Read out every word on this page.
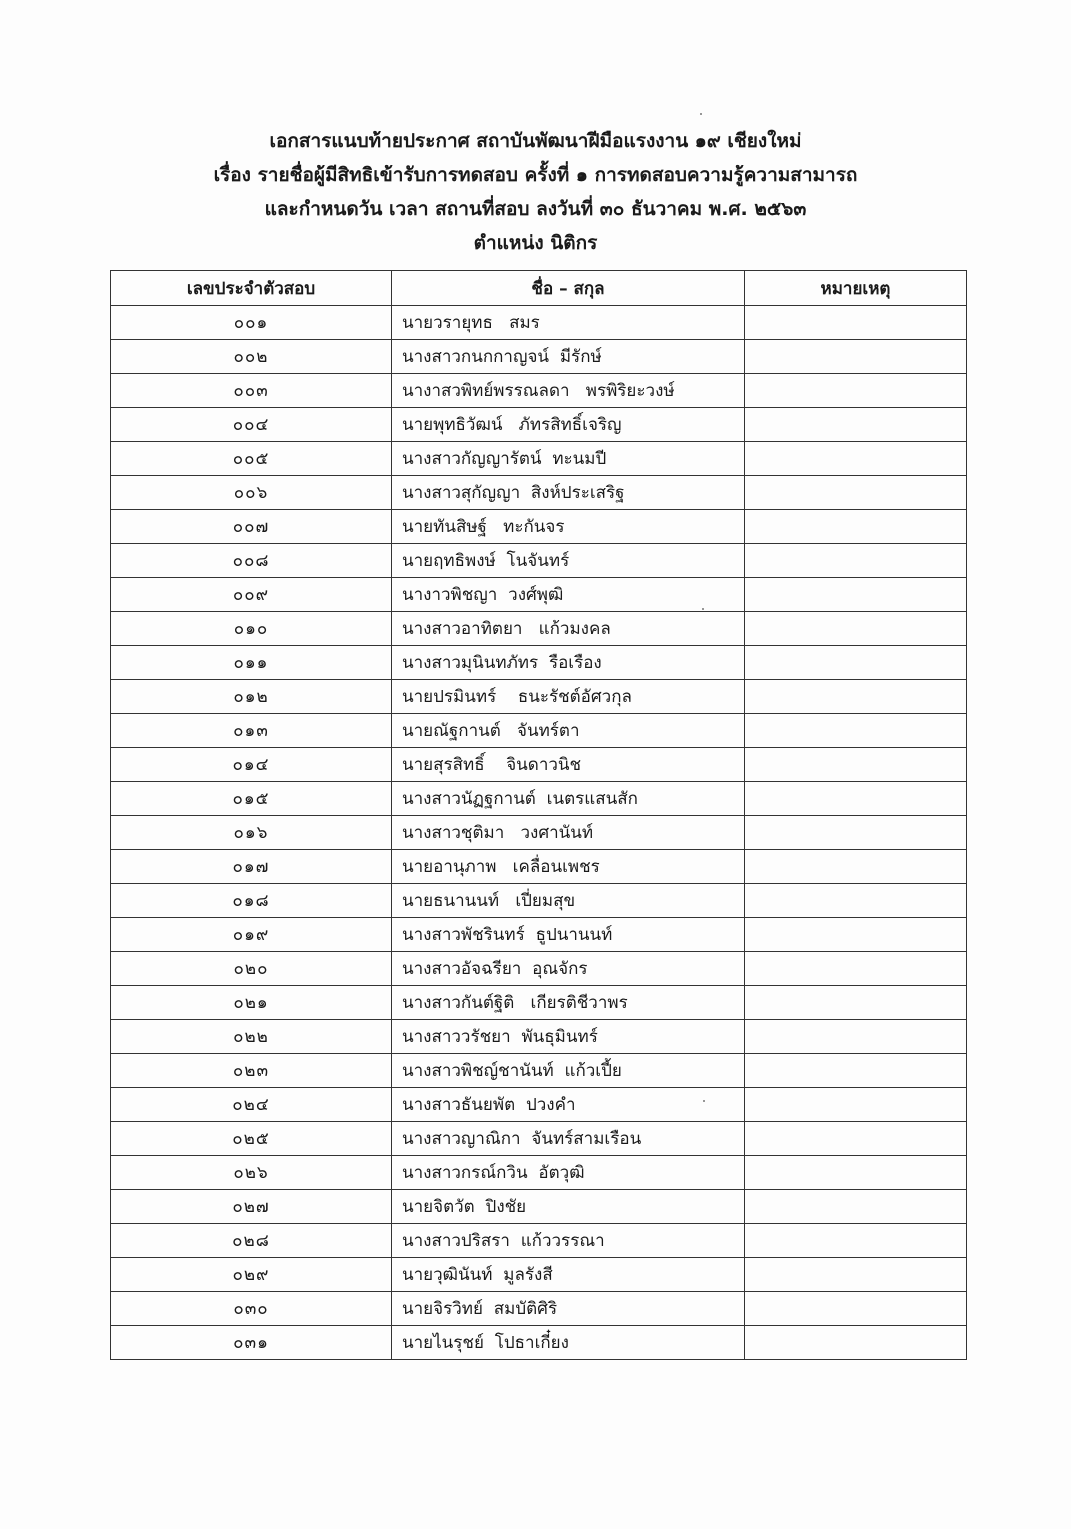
เอกสารแนบท้ายประกาศ สถาบันพัฒนาฝีมือแรงงาน ๑๙ เชียงใหม่
เรื่อง รายชื่อผู้มีสิทธิเข้ารับการทดสอบ ครั้งที่ ๑ การทดสอบความรู้ความสามารถ
และกำหนดวัน เวลา สถานที่สอบ ลงวันที่ ๓๐ ธันวาคม พ.ศ. ๒๕๖๓
ตำแหน่ง นิติกร
เลขประจำตัวสอบ	ชื่อ – สกุล	หมายเหตุ
๐๐๑	นายวรายุทธ   สมร	
๐๐๒	นางสาวกนกกาญจน์  มีรักษ์	
๐๐๓	นางาสวพิทย์พรรณลดา   พรพิริยะวงษ์	
๐๐๔	นายพุทธิวัฒน์   ภัทรสิทธิ์เจริญ	
๐๐๕	นางสาวกัญญารัตน์  ทะนมปี	
๐๐๖	นางสาวสุกัญญา  สิงห์ประเสริฐ	
๐๐๗	นายทันสิษฐ์   ทะกันจร	
๐๐๘	นายฤทธิพงษ์  โนจันทร์	
๐๐๙	นางาวพิชญา  วงศ์พุฒิ	
๐๑๐	นางสาวอาทิตยา   แก้วมงคล	
๐๑๑	นางสาวมุนินทภัทร  รือเรือง	
๐๑๒	นายปรมินทร์    ธนะรัชต์อัศวกุล	
๐๑๓	นายณัฐกานต์   จันทร์ตา	
๐๑๔	นายสุรสิทธิ์    จินดาวนิช	
๐๑๕	นางสาวนัฏฐกานต์  เนตรแสนสัก	
๐๑๖	นางสาวชุติมา   วงศานันท์	
๐๑๗	นายอานุภาพ   เคลื่อนเพชร	
๐๑๘	นายธนานนท์   เปี่ยมสุข	
๐๑๙	นางสาวพัชรินทร์  ธูปนานนท์	
๐๒๐	นางสาวอัจฉรียา  อุณจักร	
๐๒๑	นางสาวกันต์ฐิติ   เกียรติชีวาพร	
๐๒๒	นางสาววรัชยา  พันธุมินทร์	
๐๒๓	นางสาวพิชญ์ชานันท์  แก้วเปี้ย	
๐๒๔	นางสาวธันยพัต  ปวงคำ	
๐๒๕	นางสาวญาณิกา  จันทร์สามเรือน	
๐๒๖	นางสาวกรณ์กวิน  อัตวุฒิ	
๐๒๗	นายจิตวัต  ปิงชัย	
๐๒๘	นางสาวปริสรา  แก้ววรรณา	
๐๒๙	นายวุฒินันท์  มูลรังสี	
๐๓๐	นายจิรวิทย์  สมบัติศิริ	
๐๓๑	นายไนรุชย์  โปธาเกี๋ยง	
